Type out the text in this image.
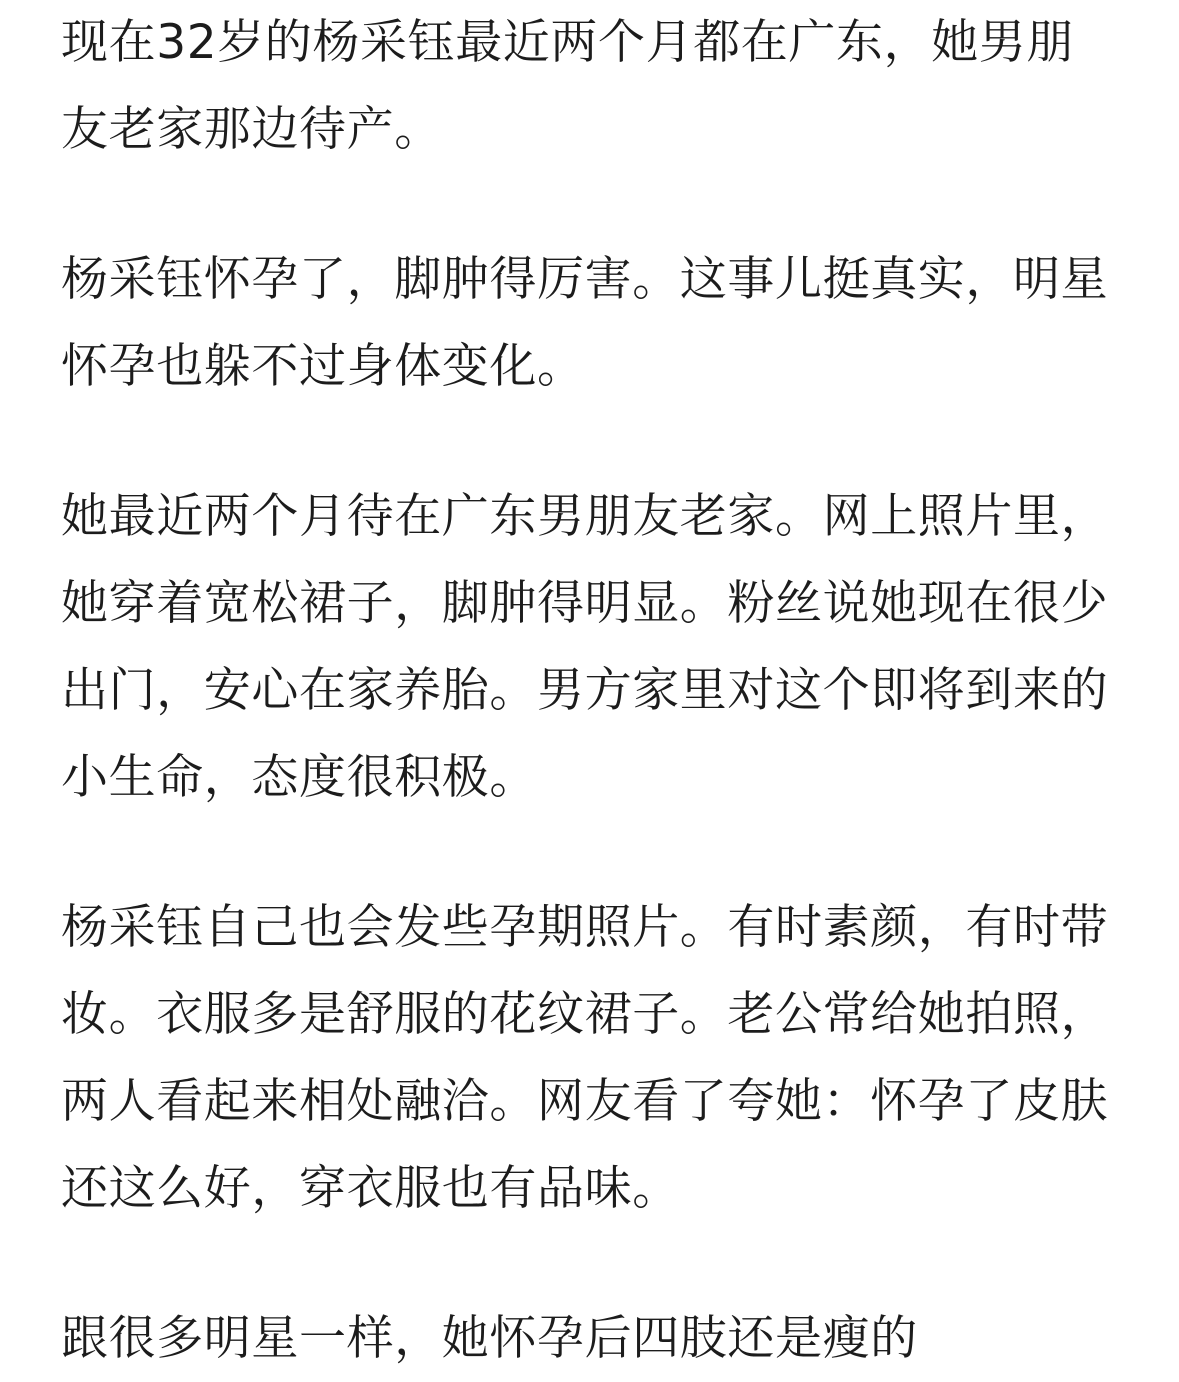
现在32岁的杨采钰最近两个月都在广东，她男朋友老家那边待产。

杨采钰怀孕了，脚肿得厉害。这事儿挺真实，明星怀孕也躲不过身体变化。

她最近两个月待在广东男朋友老家。网上照片里，她穿着宽松裙子，脚肿得明显。粉丝说她现在很少出门，安心在家养胎。男方家里对这个即将到来的小生命，态度很积极。

杨采钰自己也会发些孕期照片。有时素颜，有时带妆。衣服多是舒服的花纹裙子。老公常给她拍照，两人看起来相处融洽。网友看了夸她：怀孕了皮肤还这么好，穿衣服也有品味。

跟很多明星一样，她怀孕后四肢还是瘦的
